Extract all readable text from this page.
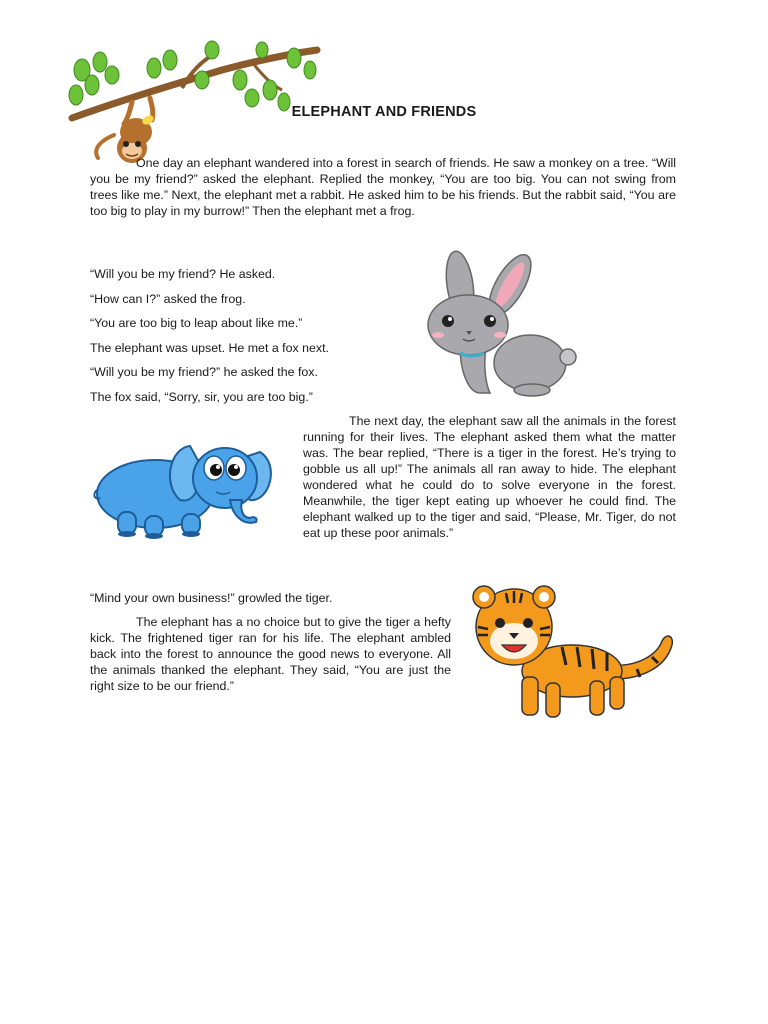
ELEPHANT AND FRIENDS

One day an elephant wandered into a forest in search of friends. He saw a monkey on a tree. “Will you be my friend?” asked the elephant. Replied the monkey, “You are too big. You can not swing from trees like me.” Next, the elephant met a rabbit. He asked him to be his friends. But the rabbit said, “You are too big to play in my burrow!” Then the elephant met a frog.

“Will you be my friend? He asked.

“How can I?” asked the frog.

“You are too big to leap about like me.”

The elephant was upset. He met a fox next.

“Will you be my friend?” he asked the fox.

The fox said, “Sorry, sir, you are too big.”

The next day, the elephant saw all the animals in the forest running for their lives. The elephant asked them what the matter was. The bear replied, “There is a tiger in the forest. He’s trying to gobble us all up!” The animals all ran away to hide. The elephant wondered what he could do to solve everyone in the forest. Meanwhile, the tiger kept eating up whoever he could find. The elephant walked up to the tiger and said, “Please, Mr. Tiger, do not eat up these poor animals.”

“Mind your own business!” growled the tiger.

The elephant has a no choice but to give the tiger a hefty kick. The frightened tiger ran for his life. The elephant ambled back into the forest to announce the good news to everyone. All the animals thanked the elephant. They said, “You are just the right size to be our friend.”
